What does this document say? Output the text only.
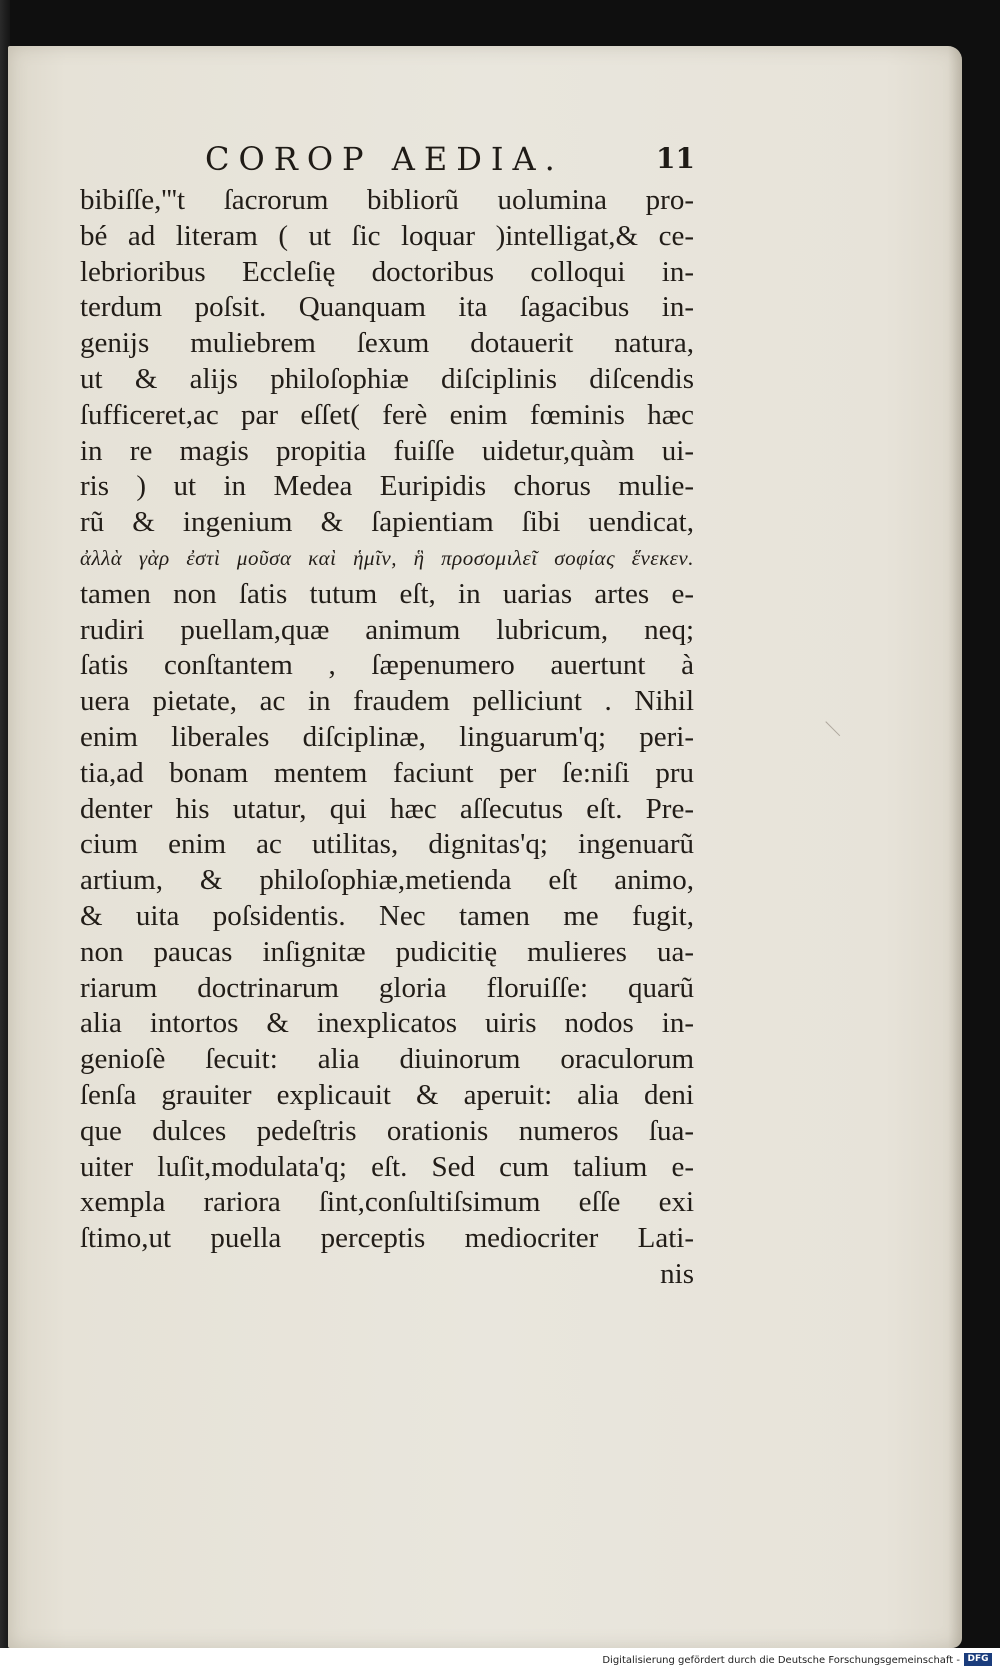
COROP AEDIA.	11
bibiſſe,'''t ſacrorum bibliorũ uolumina pro-
bé ad literam ( ut ſic loquar )intelligat,& ce-
lebrioribus Eccleſię doctoribus colloqui in-
terdum poſsit. Quanquam ita ſagacibus in-
genijs muliebrem ſexum dotauerit natura,
ut & alijs philoſophiæ diſciplinis diſcendis
ſufficeret,ac par eſſet( ferè enim fœminis hæc
in re magis propitia fuiſſe uidetur,quàm ui-
ris ) ut in Medea Euripidis chorus mulie-
rũ & ingenium & ſapientiam ſibi uendicat,
ἀλλὰ γὰρ ἐστὶ μοῦσα καὶ ἡμῖν, ἣ προσομιλεῖ σοφίας ἕνεκεν.
tamen non ſatis tutum eſt, in uarias artes e-
rudiri puellam,quæ animum lubricum, neq;
ſatis conſtantem , ſæpenumero auertunt à
uera pietate, ac in fraudem pelliciunt . Nihil
enim liberales diſciplinæ, linguarum'q; peri-
tia,ad bonam mentem faciunt per ſe:niſi pru
denter his utatur, qui hæc aſſecutus eſt. Pre-
cium enim ac utilitas, dignitas'q; ingenuarũ
artium, & philoſophiæ,metienda eſt animo,
& uita poſsidentis. Nec tamen me fugit,
non paucas inſignitæ pudicitię mulieres ua-
riarum doctrinarum gloria floruiſſe: quarũ
alia intortos & inexplicatos uiris nodos in-
genioſè ſecuit: alia diuinorum oraculorum
ſenſa grauiter explicauit & aperuit: alia deni
que dulces pedeſtris orationis numeros ſua-
uiter luſit,modulata'q; eſt. Sed cum talium e-
xempla rariora ſint,conſultiſsimum eſſe exi
ſtimo,ut puella perceptis mediocriter Lati-
nis
Digitalisierung gefördert durch die Deutsche Forschungsgemeinschaft - DFG
